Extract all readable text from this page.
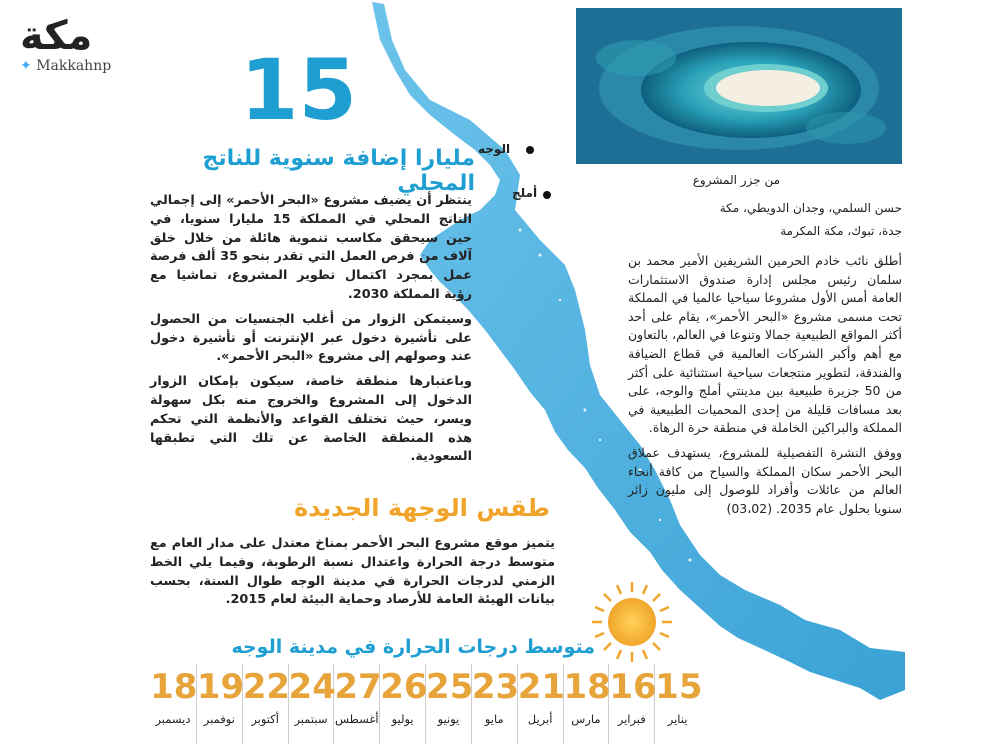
مكة
✦ Makkahnp	15
مليارا إضافة سنوية للناتج المحلي

ينتظر أن يضيف مشروع «البحر الأحمر» إلى إجمالي الناتج المحلي في المملكة 15 مليارا سنويا، في حين سيحقق مكاسب تنموية هائلة من خلال خلق آلاف من فرص العمل التي تقدر بنحو 35 ألف فرصة عمل بمجرد اكتمال تطوير المشروع، تماشيا مع رؤية المملكة 2030.

وسيتمكن الزوار من أغلب الجنسيات من الحصول على تأشيرة دخول عبر الإنترنت أو تأشيرة دخول عند وصولهم إلى مشروع «البحر الأحمر».

وباعتبارها منطقة خاصة، سيكون بإمكان الزوار الدخول إلى المشروع والخروج منه بكل سهولة ويسر، حيث تختلف القواعد والأنظمة التي تحكم هذه المنطقة الخاصة عن تلك التي تطبقها السعودية.

طقس الوجهة الجديدة
يتميز موقع مشروع البحر الأحمر بمناخ معتدل على مدار العام مع متوسط درجة الحرارة واعتدال نسبة الرطوبة، وفيما يلي الخط الزمني لدرجات الحرارة في مدينة الوجه طوال السنة، بحسب بيانات الهيئة العامة للأرصاد وحماية البيئة لعام 2015.
من جزر المشروع
حسن السلمي، وجدان الدويطي، مكة
جدة، تبوك، مكة المكرمة

أطلق نائب خادم الحرمين الشريفين الأمير محمد بن سلمان رئيس مجلس إدارة صندوق الاستثمارات العامة أمس الأول مشروعا سياحيا عالميا في المملكة تحت مسمى مشروع «البحر الأحمر»، يقام على أحد أكثر المواقع الطبيعية جمالا وتنوعا في العالم، بالتعاون مع أهم وأكبر الشركات العالمية في قطاع الضيافة والفندقة، لتطوير منتجعات سياحية استثنائية على أكثر من 50 جزيرة طبيعية بين مدينتي أملج والوجه، على بعد مسافات قليلة من إحدى المحميات الطبيعية في المملكة والبراكين الخاملة في منطقة حرة الرهاة.

ووفق النشرة التفصيلية للمشروع، يستهدف عملاق البحر الأحمر سكان المملكة والسياح من كافة أنحاء العالم من عائلات وأفراد للوصول إلى مليون زائر سنويا بحلول عام 2035. (03،02)

الوجه
أملج
متوسط درجات الحرارة في مدينة الوجه
15
يناير
16
فبراير
18
مارس
21
أبريل
23
مايو
25
يونيو
26
يوليو
27
أغسطس
24
سبتمبر
22
أكتوبر
19
نوفمبر
18
ديسمبر
